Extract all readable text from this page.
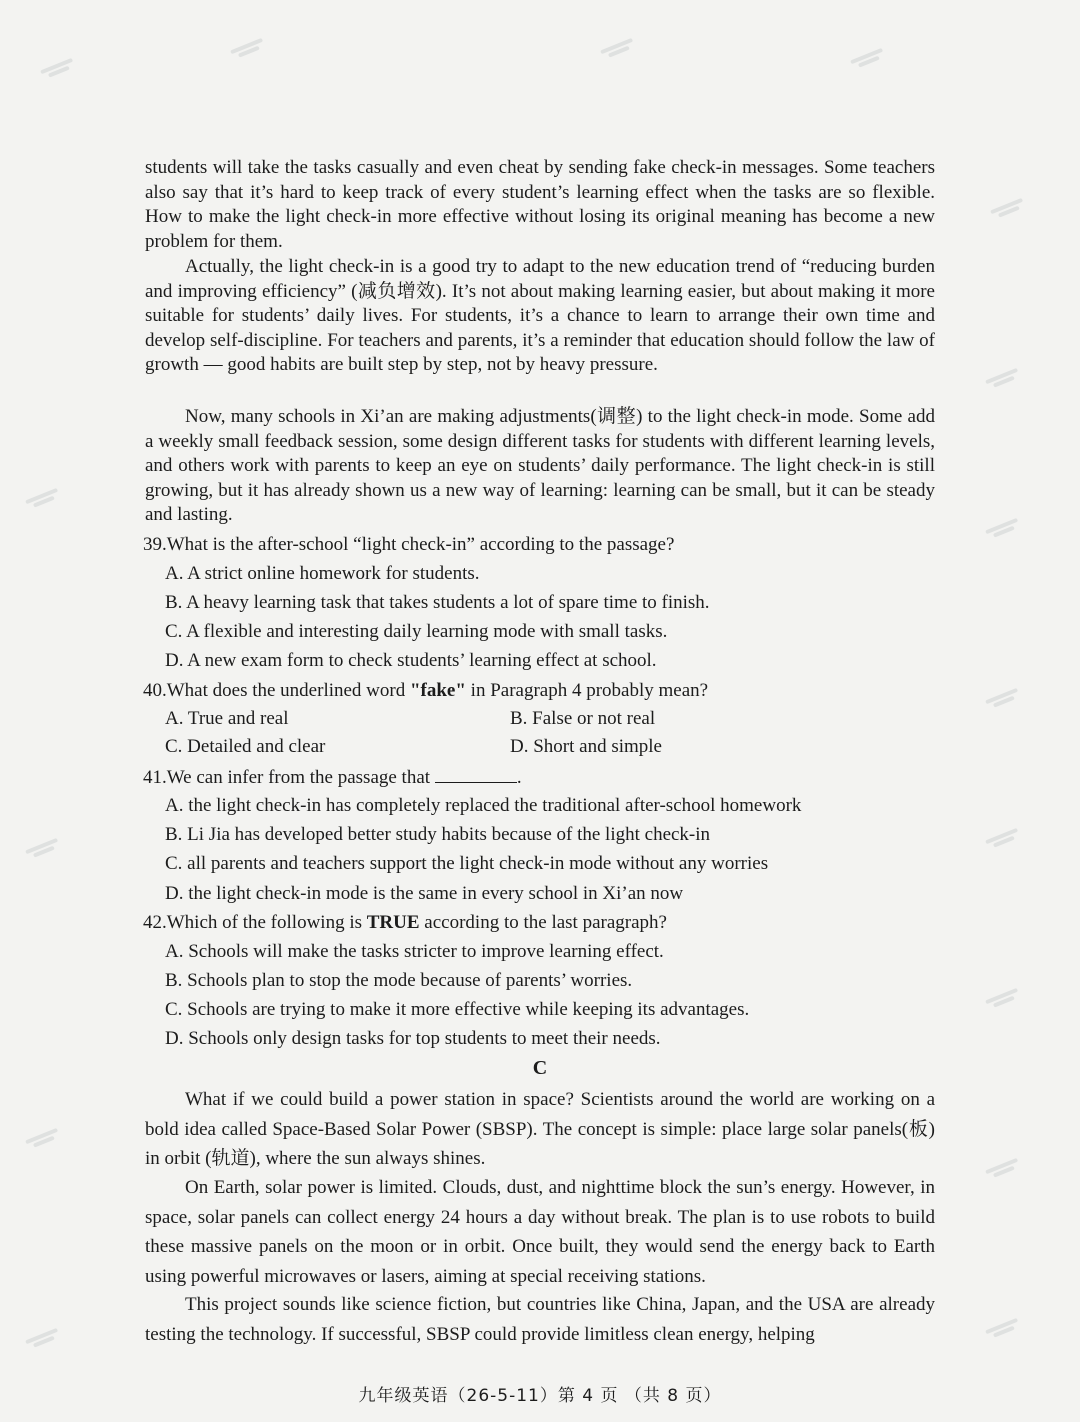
students will take the tasks casually and even cheat by sending fake check-in messages. Some teachers also say that it’s hard to keep track of every student’s learning effect when the tasks are so flexible. How to make the light check-in more effective without losing its original meaning has become a new problem for them.

Actually, the light check-in is a good try to adapt to the new education trend of “reducing burden and improving efficiency” (减负增效). It’s not about making learning easier, but about making it more suitable for students’ daily lives. For students, it’s a chance to learn to arrange their own time and develop self-discipline. For teachers and parents, it’s a reminder that education should follow the law of growth — good habits are built step by step, not by heavy pressure.

Now, many schools in Xi’an are making adjustments(调整) to the light check-in mode. Some add a weekly small feedback session, some design different tasks for students with different learning levels, and others work with parents to keep an eye on students’ daily performance. The light check-in is still growing, but it has already shown us a new way of learning: learning can be small, but it can be steady and lasting.

39.What is the after-school “light check-in” according to the passage?

A. A strict online homework for students.

B. A heavy learning task that takes students a lot of spare time to finish.

C. A flexible and interesting daily learning mode with small tasks.

D. A new exam form to check students’ learning effect at school.

40.What does the underlined word "fake" in Paragraph 4 probably mean?

A. True and real	B. False or not real

C. Detailed and clear	D. Short and simple

41.We can infer from the passage that	.

A. the light check-in has completely replaced the traditional after-school homework

B. Li Jia has developed better study habits because of the light check-in

C. all parents and teachers support the light check-in mode without any worries

D. the light check-in mode is the same in every school in Xi’an now

42.Which of the following is TRUE according to the last paragraph?

A. Schools will make the tasks stricter to improve learning effect.

B. Schools plan to stop the mode because of parents’ worries.

C. Schools are trying to make it more effective while keeping its advantages.

D. Schools only design tasks for top students to meet their needs.

C

What if we could build a power station in space? Scientists around the world are working on a bold idea called Space-Based Solar Power (SBSP). The concept is simple: place large solar panels(板) in orbit (轨道), where the sun always shines.

On Earth, solar power is limited. Clouds, dust, and nighttime block the sun’s energy. However, in space, solar panels can collect energy 24 hours a day without break. The plan is to use robots to build these massive panels on the moon or in orbit. Once built, they would send the energy back to Earth using powerful microwaves or lasers, aiming at special receiving stations.

This project sounds like science fiction, but countries like China, Japan, and the USA are already testing the technology. If successful, SBSP could provide limitless clean energy, helping

九年级英语（26-5-11）第 4 页 （共 8 页）
